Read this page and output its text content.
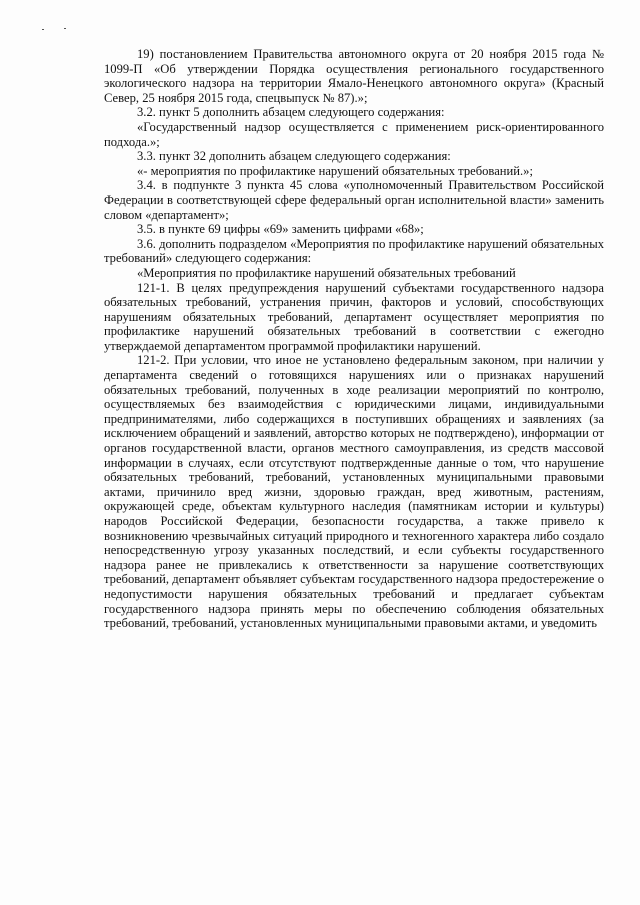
19) постановлением Правительства автономного округа от 20 ноября 2015 года № 1099-П «Об утверждении Порядка осуществления регионального государственного экологического надзора на территории Ямало-Ненецкого автономного округа» (Красный Север, 25 ноября 2015 года, спецвыпуск № 87).»;

3.2. пункт 5 дополнить абзацем следующего содержания:

«Государственный надзор осуществляется с применением риск-ориентированного подхода.»;

3.3. пункт 32 дополнить абзацем следующего содержания:

«- мероприятия по профилактике нарушений обязательных требований.»;

3.4. в подпункте 3 пункта 45 слова «уполномоченный Правительством Российской Федерации в соответствующей сфере федеральный орган исполнительной власти» заменить словом «департамент»;

3.5. в пункте 69 цифры «69» заменить цифрами «68»;

3.6. дополнить подразделом «Мероприятия по профилактике нарушений обязательных требований» следующего содержания:

«Мероприятия по профилактике нарушений обязательных требований

121-1. В целях предупреждения нарушений субъектами государственного надзора обязательных требований, устранения причин, факторов и условий, способствующих нарушениям обязательных требований, департамент осуществляет мероприятия по профилактике нарушений обязательных требований в соответствии с ежегодно утверждаемой департаментом программой профилактики нарушений.

121-2. При условии, что иное не установлено федеральным законом, при наличии у департамента сведений о готовящихся нарушениях или о признаках нарушений обязательных требований, полученных в ходе реализации мероприятий по контролю, осуществляемых без взаимодействия с юридическими лицами, индивидуальными предпринимателями, либо содержащихся в поступивших обращениях и заявлениях (за исключением обращений и заявлений, авторство которых не подтверждено), информации от органов государственной власти, органов местного самоуправления, из средств массовой информации в случаях, если отсутствуют подтвержденные данные о том, что нарушение обязательных требований, требований, установленных муниципальными правовыми актами, причинило вред жизни, здоровью граждан, вред животным, растениям, окружающей среде, объектам культурного наследия (памятникам истории и культуры) народов Российской Федерации, безопасности государства, а также привело к возникновению чрезвычайных ситуаций природного и техногенного характера либо создало непосредственную угрозу указанных последствий, и если субъекты государственного надзора ранее не привлекались к ответственности за нарушение соответствующих требований, департамент объявляет субъектам государственного надзора предостережение о недопустимости нарушения обязательных требований и предлагает субъектам государственного надзора принять меры по обеспечению соблюдения обязательных требований, требований, установленных муниципальными правовыми актами, и уведомить
